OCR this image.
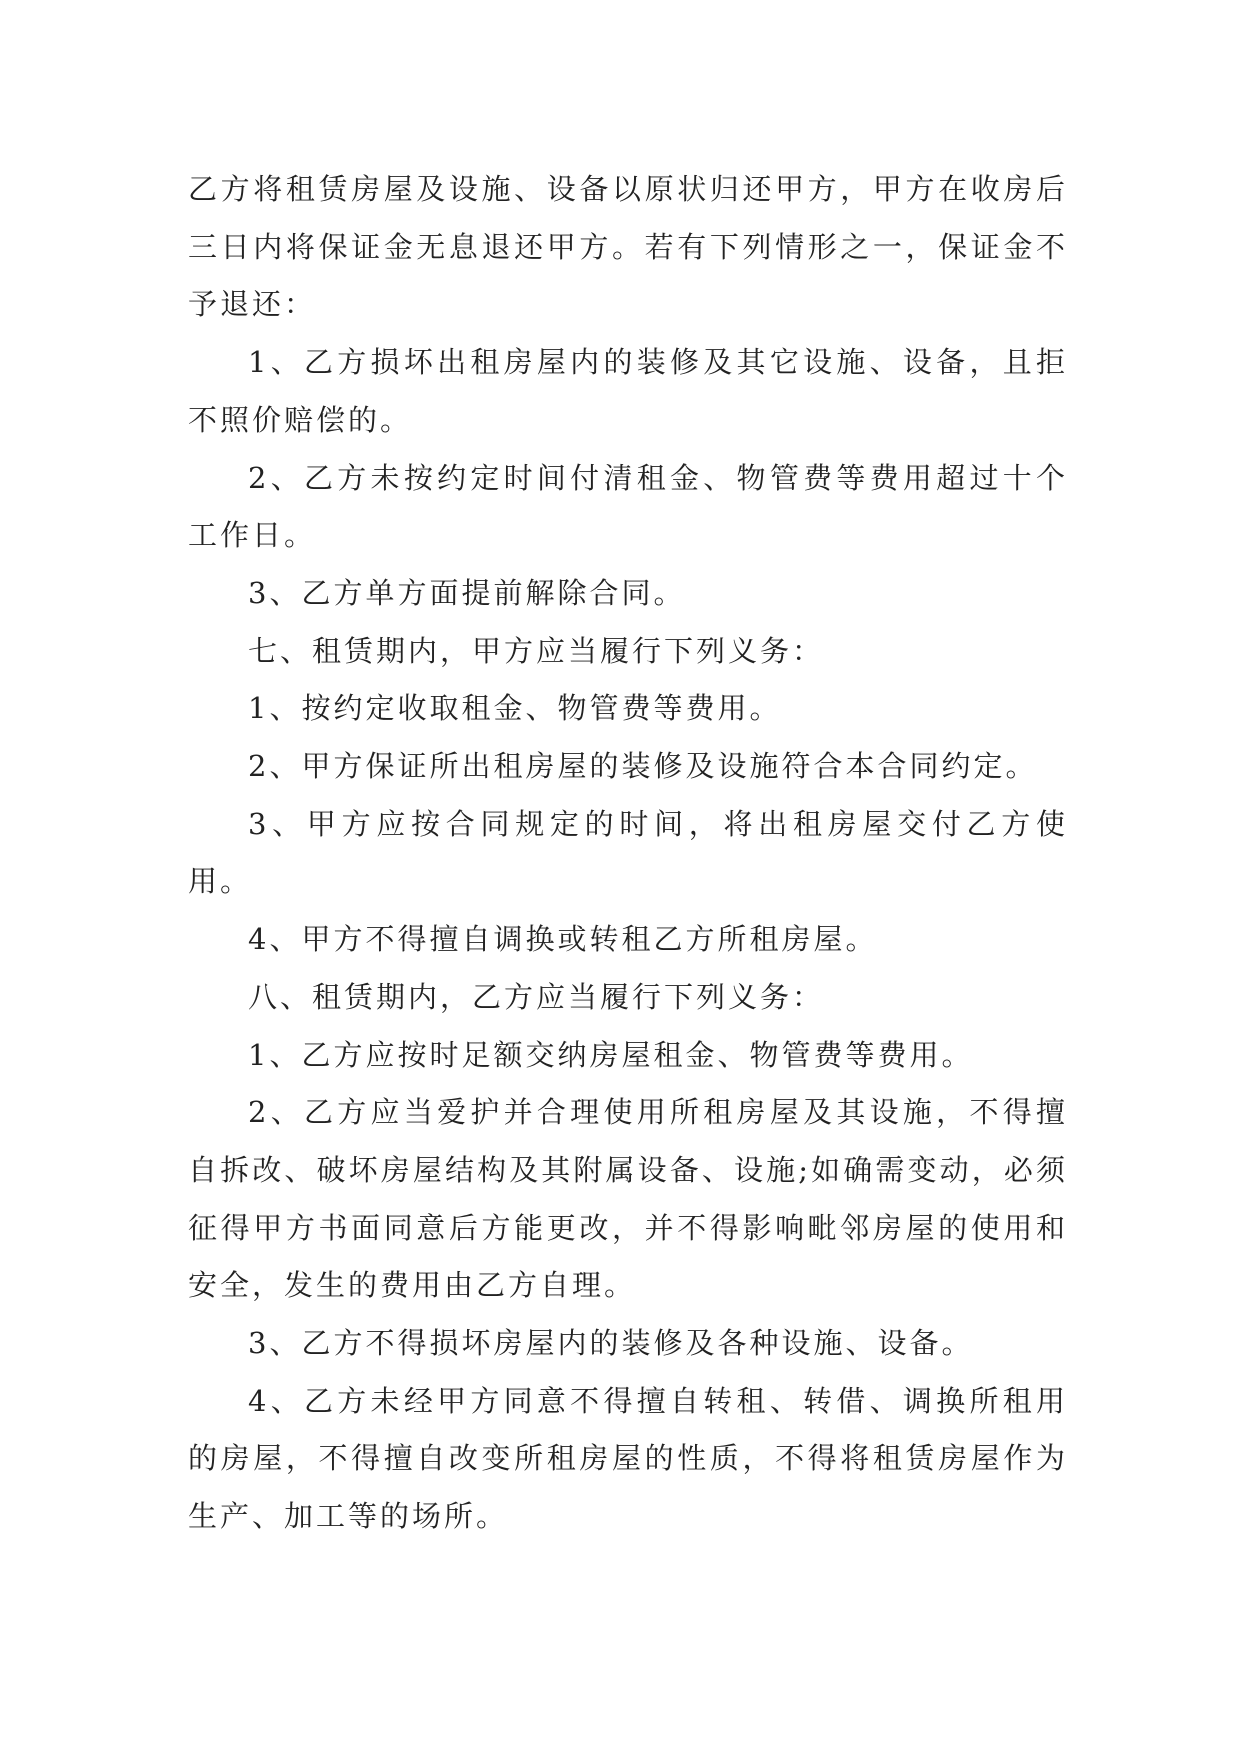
乙方将租赁房屋及设施、设备以原状归还甲方，甲方在收房后三日内将保证金无息退还甲方。若有下列情形之一，保证金不予退还：

1、乙方损坏出租房屋内的装修及其它设施、设备，且拒不照价赔偿的。

2、乙方未按约定时间付清租金、物管费等费用超过十个工作日。

3、乙方单方面提前解除合同。

七、租赁期内，甲方应当履行下列义务：

1、按约定收取租金、物管费等费用。

2、甲方保证所出租房屋的装修及设施符合本合同约定。

3、甲方应按合同规定的时间，将出租房屋交付乙方使用。

4、甲方不得擅自调换或转租乙方所租房屋。

八、租赁期内，乙方应当履行下列义务：

1、乙方应按时足额交纳房屋租金、物管费等费用。

2、乙方应当爱护并合理使用所租房屋及其设施，不得擅自拆改、破坏房屋结构及其附属设备、设施;如确需变动，必须征得甲方书面同意后方能更改，并不得影响毗邻房屋的使用和安全，发生的费用由乙方自理。

3、乙方不得损坏房屋内的装修及各种设施、设备。

4、乙方未经甲方同意不得擅自转租、转借、调换所租用的房屋，不得擅自改变所租房屋的性质，不得将租赁房屋作为生产、加工等的场所。
